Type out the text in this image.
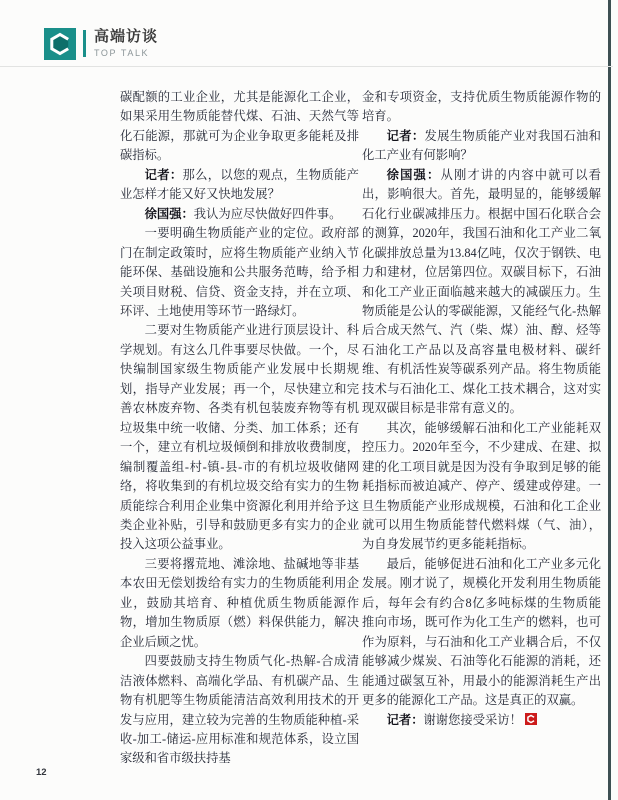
高端访谈
TOP TALK

碳配额的工业企业，尤其是能源化工企业，如果采用生物质能替代煤、石油、天然气等化石能源，那就可为企业争取更多能耗及排碳指标。

记者：那么，以您的观点，生物质能产业怎样才能又好又快地发展？

徐国强：我认为应尽快做好四件事。

一要明确生物质能产业的定位。政府部门在制定政策时，应将生物质能产业纳入节能环保、基础设施和公共服务范畴，给予相关项目财税、信贷、资金支持，并在立项、环评、土地使用等环节一路绿灯。

二要对生物质能产业进行顶层设计、科学规划。有这么几件事要尽快做。一个，尽快编制国家级生物质能产业发展中长期规划，指导产业发展；再一个，尽快建立和完善农林废弃物、各类有机包装废弃物等有机垃圾集中统一收储、分类、加工体系；还有一个，建立有机垃圾倾倒和排放收费制度，编制覆盖组-村-镇-县-市的有机垃圾收储网络，将收集到的有机垃圾交给有实力的生物质能综合利用企业集中资源化利用并给予这类企业补贴，引导和鼓励更多有实力的企业投入这项公益事业。

三要将撂荒地、滩涂地、盐碱地等非基本农田无偿划拨给有实力的生物质能利用企业，鼓励其培育、种植优质生物质能源作物，增加生物质原（燃）料保供能力，解决企业后顾之忧。

四要鼓励支持生物质气化-热解-合成清洁液体燃料、高端化学品、有机碳产品、生物有机肥等生物质能清洁高效利用技术的开发与应用，建立较为完善的生物质能种植-采收-加工-储运-应用标准和规范体系，设立国家级和省市级扶持基

金和专项资金，支持优质生物质能源作物的培育。

记者：发展生物质能产业对我国石油和化工产业有何影响？

徐国强：从刚才讲的内容中就可以看出，影响很大。首先，最明显的，能够缓解石化行业碳减排压力。根据中国石化联合会的测算，2020年，我国石油和化工产业二氧化碳排放总量为13.84亿吨，仅次于钢铁、电力和建材，位居第四位。双碳目标下，石油和化工产业正面临越来越大的减碳压力。生物质能是公认的零碳能源，又能经气化-热解后合成天然气、汽（柴、煤）油、醇、烃等石油化工产品以及高容量电极材料、碳纤维、有机活性炭等碳系列产品。将生物质能技术与石油化工、煤化工技术耦合，这对实现双碳目标是非常有意义的。

其次，能够缓解石油和化工产业能耗双控压力。2020年至今，不少建成、在建、拟建的化工项目就是因为没有争取到足够的能耗指标而被迫减产、停产、缓建或停建。一旦生物质能产业形成规模，石油和化工企业就可以用生物质能替代燃料煤（气、油），为自身发展节约更多能耗指标。

最后，能够促进石油和化工产业多元化发展。刚才说了，规模化开发利用生物质能后，每年会有约合8亿多吨标煤的生物质能推向市场，既可作为化工生产的燃料，也可作为原料，与石油和化工产业耦合后，不仅能够减少煤炭、石油等化石能源的消耗，还能通过碳氢互补，用最小的能源消耗生产出更多的能源化工产品。这是真正的双赢。

记者：谢谢您接受采访！

12
